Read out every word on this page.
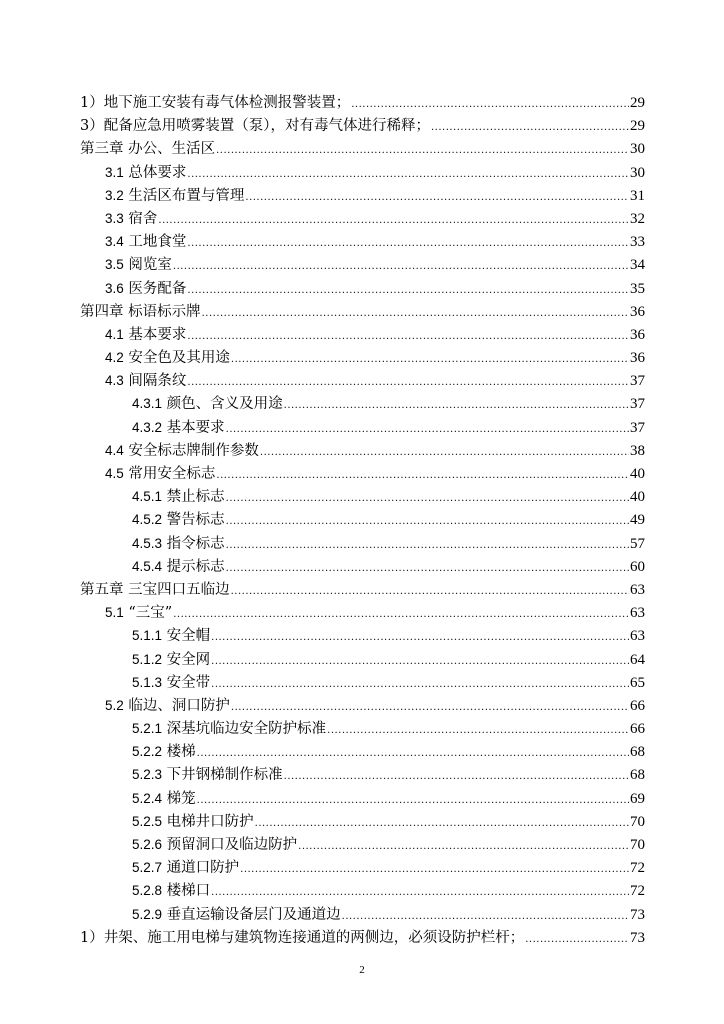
1）地下施工安装有毒气体检测报警装置； .....	29
3）配备应急用喷雾装置（泵），对有毒气体进行稀释； .....	29
第三章 办公、生活区 .....	30
3.1 总体要求 .....	30
3.2 生活区布置与管理 .....	31
3.3 宿舍 .....	32
3.4 工地食堂 .....	33
3.5 阅览室 .....	34
3.6 医务配备 .....	35
第四章 标语标示牌 .....	36
4.1 基本要求 .....	36
4.2 安全色及其用途 .....	36
4.3 间隔条纹 .....	37
4.3.1 颜色、含义及用途 .....	37
4.3.2 基本要求 .....	37
4.4 安全标志牌制作参数 .....	38
4.5 常用安全标志 .....	40
4.5.1 禁止标志 .....	40
4.5.2 警告标志 .....	49
4.5.3 指令标志 .....	57
4.5.4 提示标志 .....	60
第五章 三宝四口五临边 .....	63
5.1 “三宝” .....	63
5.1.1 安全帽 .....	63
5.1.2 安全网 .....	64
5.1.3 安全带 .....	65
5.2 临边、洞口防护 .....	66
5.2.1 深基坑临边安全防护标准 .....	66
5.2.2 楼梯 .....	68
5.2.3 下井钢梯制作标准 .....	68
5.2.4 梯笼 .....	69
5.2.5 电梯井口防护 .....	70
5.2.6 预留洞口及临边防护 .....	70
5.2.7 通道口防护 .....	72
5.2.8 楼梯口 .....	72
5.2.9 垂直运输设备层门及通道边 .....	73
1）井架、施工用电梯与建筑物连接通道的两侧边，必须设防护栏杆； .....	73
2
